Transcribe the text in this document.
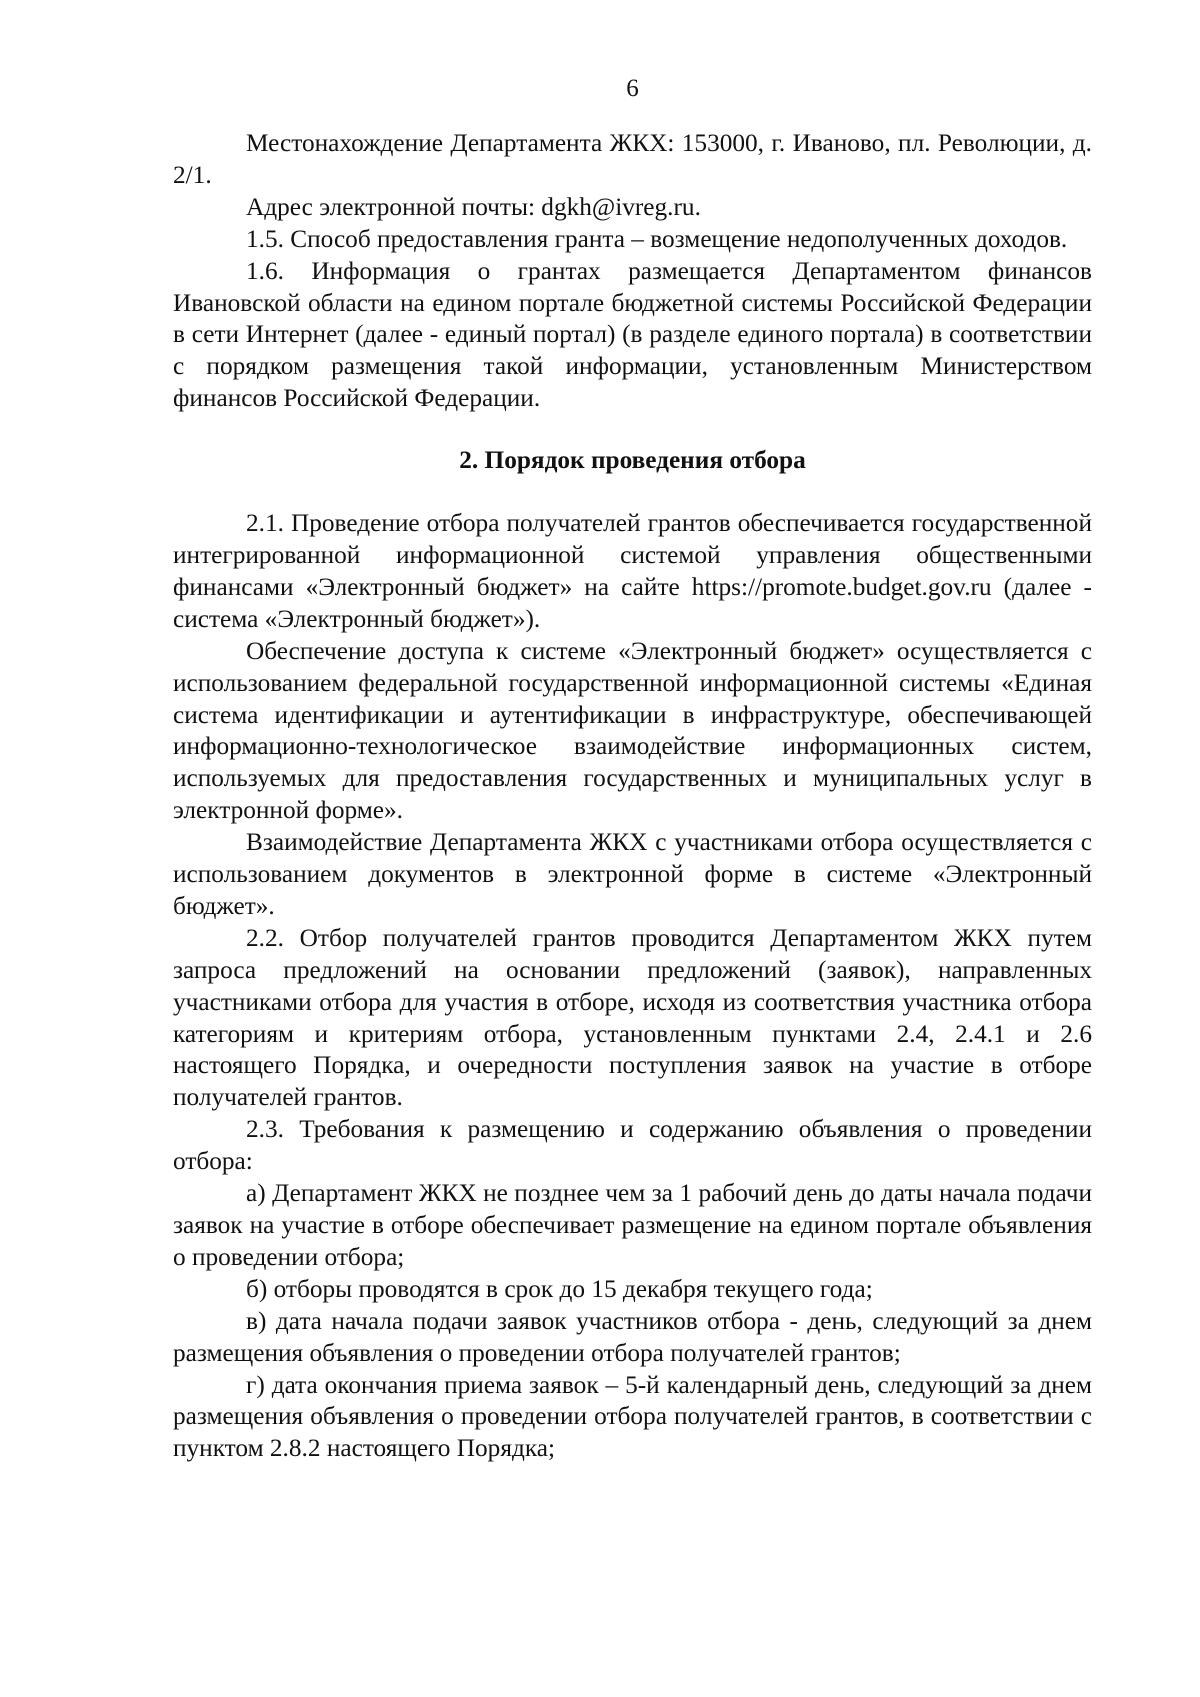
6

Местонахождение Департамента ЖКХ: 153000, г. Иваново, пл. Революции, д. 2/1.

Адрес электронной почты: dgkh@ivreg.ru.

1.5. Способ предоставления гранта – возмещение недополученных доходов.

1.6. Информация о грантах размещается Департаментом финансов Ивановской области на едином портале бюджетной системы Российской Федерации в сети Интернет (далее - единый портал) (в разделе единого портала) в соответствии с порядком размещения такой информации, установленным Министерством финансов Российской Федерации.

2. Порядок проведения отбора

2.1. Проведение отбора получателей грантов обеспечивается государственной интегрированной информационной системой управления общественными финансами «Электронный бюджет» на сайте https://promote.budget.gov.ru (далее - система «Электронный бюджет»).

Обеспечение доступа к системе «Электронный бюджет» осуществляется с использованием федеральной государственной информационной системы «Единая система идентификации и аутентификации в инфраструктуре, обеспечивающей информационно-технологическое взаимодействие информационных систем, используемых для предоставления государственных и муниципальных услуг в электронной форме».

Взаимодействие Департамента ЖКХ с участниками отбора осуществляется с использованием документов в электронной форме в системе «Электронный бюджет».

2.2. Отбор получателей грантов проводится Департаментом ЖКХ путем запроса предложений на основании предложений (заявок), направленных участниками отбора для участия в отборе, исходя из соответствия участника отбора категориям и критериям отбора, установленным пунктами 2.4, 2.4.1 и 2.6 настоящего Порядка, и очередности поступления заявок на участие в отборе получателей грантов.

2.3. Требования к размещению и содержанию объявления о проведении отбора:

а) Департамент ЖКХ не позднее чем за 1 рабочий день до даты начала подачи заявок на участие в отборе обеспечивает размещение на едином портале объявления о проведении отбора;

б) отборы проводятся в срок до 15 декабря текущего года;

в) дата начала подачи заявок участников отбора - день, следующий за днем размещения объявления о проведении отбора получателей грантов;

г) дата окончания приема заявок – 5-й календарный день, следующий за днем размещения объявления о проведении отбора получателей грантов, в соответствии с пунктом 2.8.2 настоящего Порядка;
